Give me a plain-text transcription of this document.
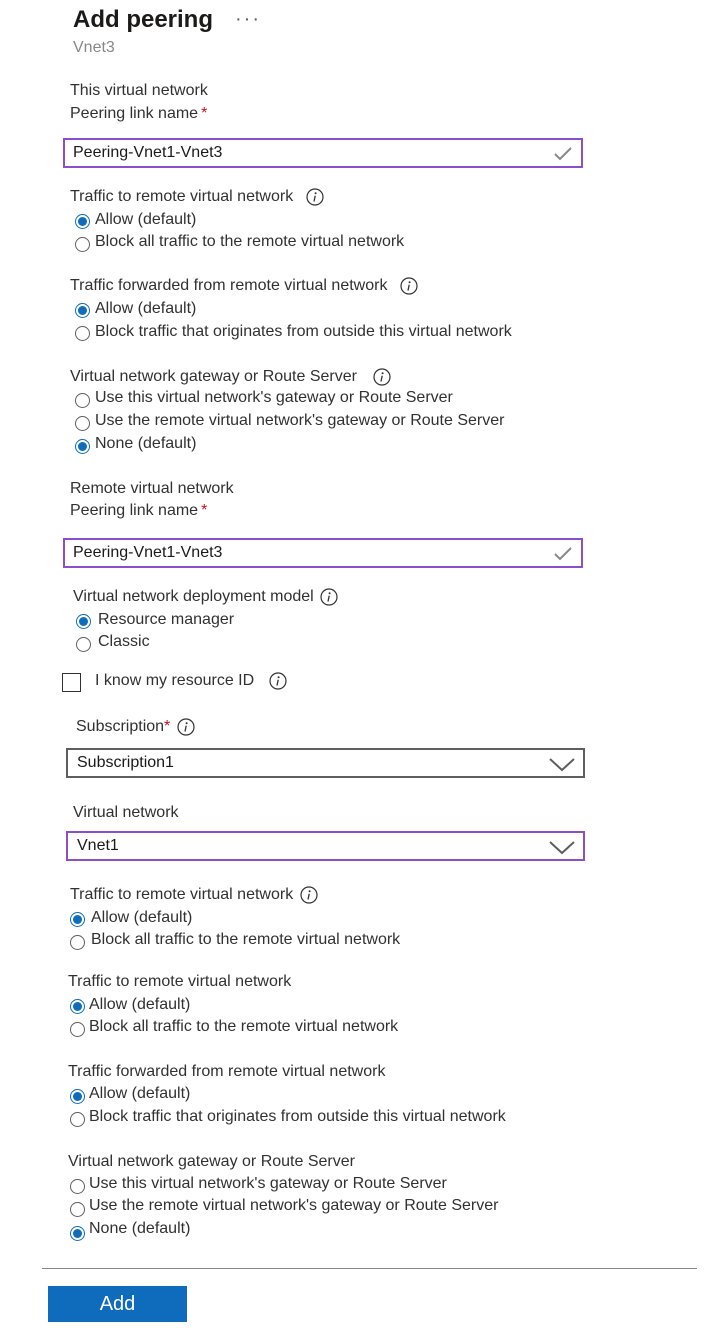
Add peering ···
Vnet3
This virtual network
Peering link name *
Peering-Vnet1-Vnet3
Traffic to remote virtual network
Allow (default)
Block all traffic to the remote virtual network
Traffic forwarded from remote virtual network
Allow (default)
Block traffic that originates from outside this virtual network
Virtual network gateway or Route Server
Use this virtual network's gateway or Route Server
Use the remote virtual network's gateway or Route Server
None (default)
Remote virtual network
Peering link name *
Peering-Vnet1-Vnet3
Virtual network deployment model
Resource manager
Classic
I know my resource ID
Subscription*
Subscription1
Virtual network
Vnet1
Traffic to remote virtual network
Allow (default)
Block all traffic to the remote virtual network
Traffic to remote virtual network
Allow (default)
Block all traffic to the remote virtual network
Traffic forwarded from remote virtual network
Allow (default)
Block traffic that originates from outside this virtual network
Virtual network gateway or Route Server
Use this virtual network's gateway or Route Server
Use the remote virtual network's gateway or Route Server
None (default)
Add
